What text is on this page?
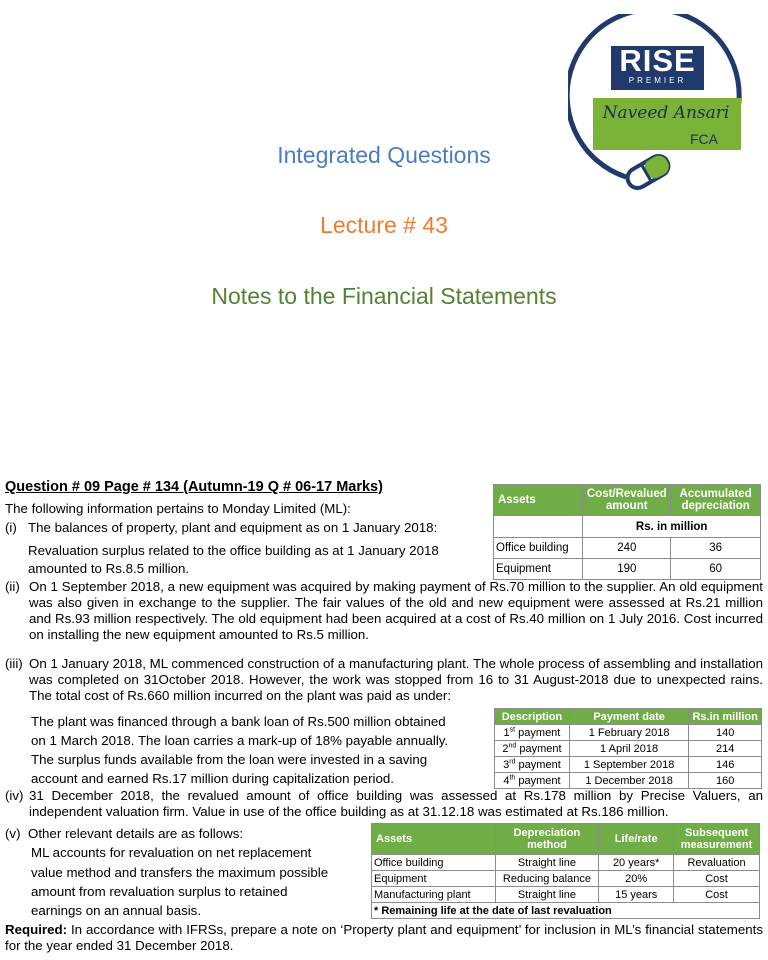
RISE
PREMIER
Naveed Ansari
FCA
Integrated Questions
Lecture # 43
Notes to the Financial Statements
Question # 09 Page # 134 (Autumn-19 Q # 06-17 Marks)
The following information pertains to Monday Limited (ML):
(i) The balances of property, plant and equipment as on 1 January 2018:
Revaluation surplus related to the office building as at 1 January 2018
amounted to Rs.8.5 million.
Assets	Cost/Revalued amount	Accumulated depreciation
	Rs. in million	
Office building	240	36
Equipment	190	60
(ii) On 1 September 2018, a new equipment was acquired by making payment of Rs.70 million to the supplier. An old equipment was also given in exchange to the supplier. The fair values of the old and new equipment were assessed at Rs.21 million and Rs.93 million respectively. The old equipment had been acquired at a cost of Rs.40 million on 1 July 2016. Cost incurred on installing the new equipment amounted to Rs.5 million.
(iii) On 1 January 2018, ML commenced construction of a manufacturing plant. The whole process of assembling and installation was completed on 31October 2018. However, the work was stopped from 16 to 31 August-2018 due to unexpected rains. The total cost of Rs.660 million incurred on the plant was paid as under:
The plant was financed through a bank loan of Rs.500 million obtained
on 1 March 2018. The loan carries a mark-up of 18% payable annually.
The surplus funds available from the loan were invested in a saving
account and earned Rs.17 million during capitalization period.
Description	Payment date	Rs.in million
1st payment	1 February 2018	140
2nd payment	1 April 2018	214
3rd payment	1 September 2018	146
4th payment	1 December 2018	160
(iv) 31 December 2018, the revalued amount of office building was assessed at Rs.178 million by Precise Valuers, an independent valuation firm. Value in use of the office building as at 31.12.18 was estimated at Rs.186 million.
(v) Other relevant details are as follows:
ML accounts for revaluation on net replacement
value method and transfers the maximum possible
amount from revaluation surplus to retained
earnings on an annual basis.
Assets	Depreciation method	Life/rate	Subsequent measurement
Office building	Straight line	20 years*	Revaluation
Equipment	Reducing balance	20%	Cost
Manufacturing plant	Straight line	15 years	Cost
* Remaining life at the date of last revaluation			
Required: In accordance with IFRSs, prepare a note on ‘Property plant and equipment’ for inclusion in ML’s financial statements for the year ended 31 December 2018.
